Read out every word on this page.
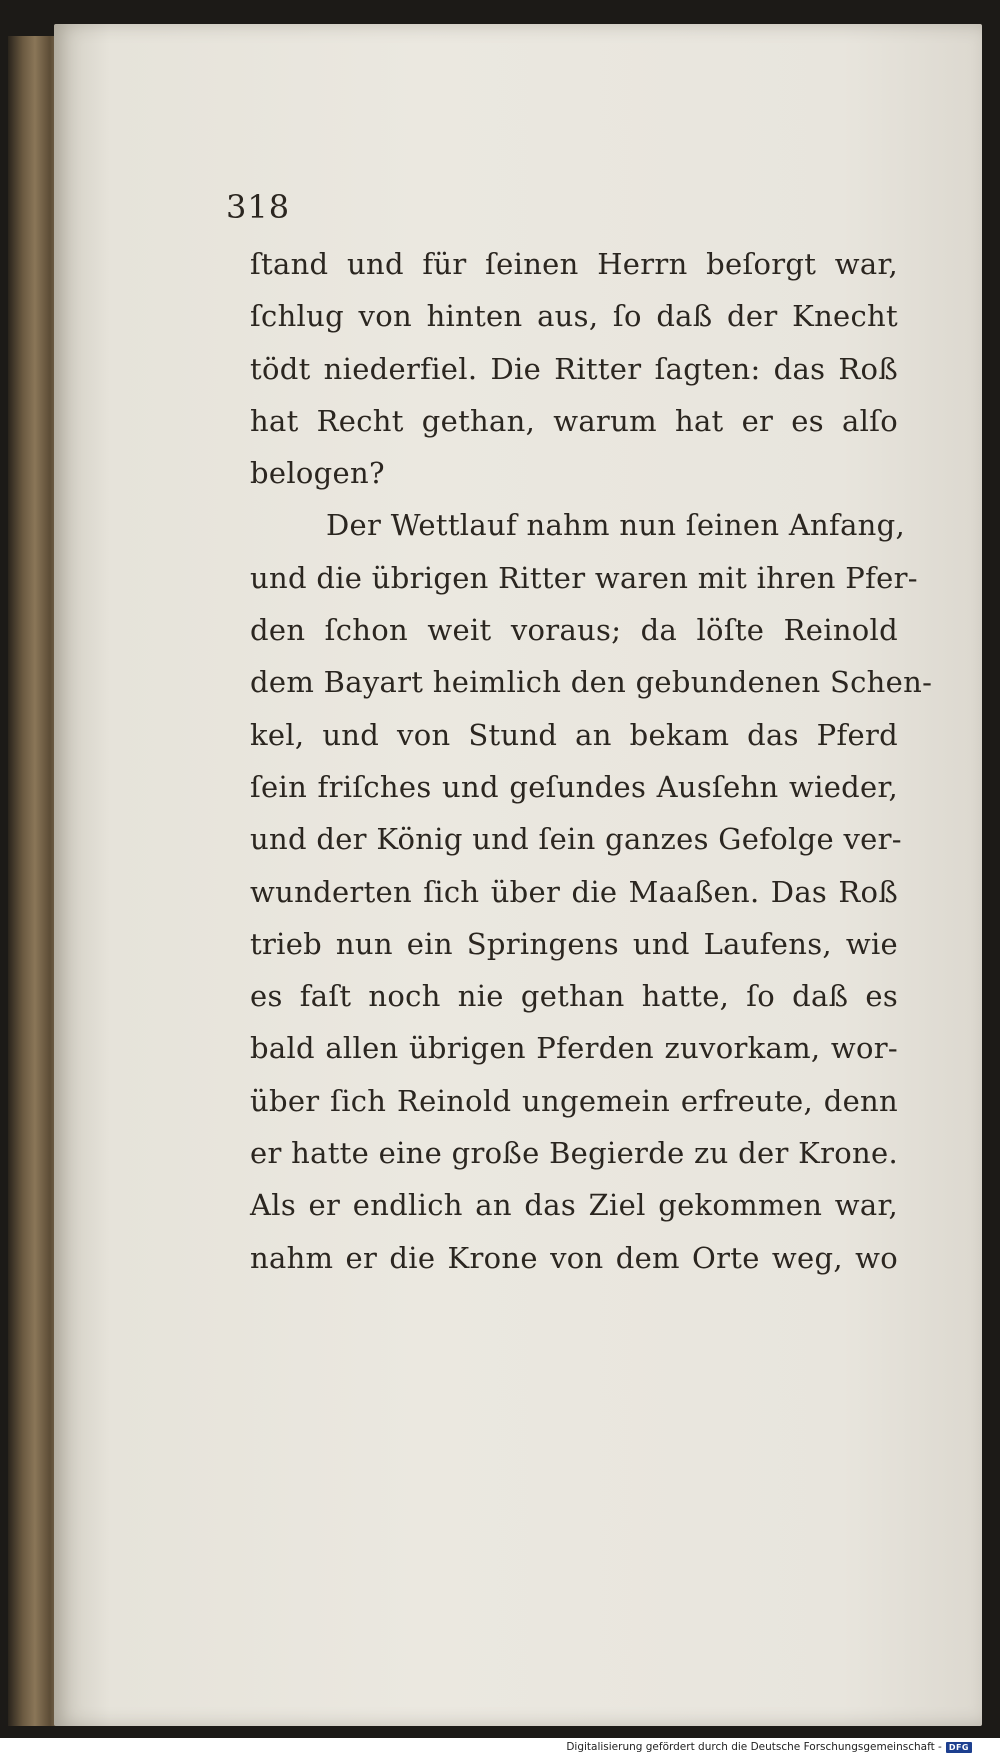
318
ſtand und für ſeinen Herrn beſorgt war,
ſchlug von hinten aus, ſo daß der Knecht
tödt niederfiel. Die Ritter ſagten: das Roß
hat Recht gethan, warum hat er es alſo
belogen?
Der Wettlauf nahm nun ſeinen Anfang,
und die übrigen Ritter waren mit ihren Pfer-
den ſchon weit voraus; da löſte Reinold
dem Bayart heimlich den gebundenen Schen-
kel, und von Stund an bekam das Pferd
ſein friſches und geſundes Ausſehn wieder,
und der König und ſein ganzes Gefolge ver-
wunderten ſich über die Maaßen. Das Roß
trieb nun ein Springens und Laufens, wie
es faſt noch nie gethan hatte, ſo daß es
bald allen übrigen Pferden zuvorkam, wor-
über ſich Reinold ungemein erfreute, denn
er hatte eine große Begierde zu der Krone.
Als er endlich an das Ziel gekommen war,
nahm er die Krone von dem Orte weg, wo
Digitalisierung gefördert durch die Deutsche Forschungsgemeinschaft - DFG
